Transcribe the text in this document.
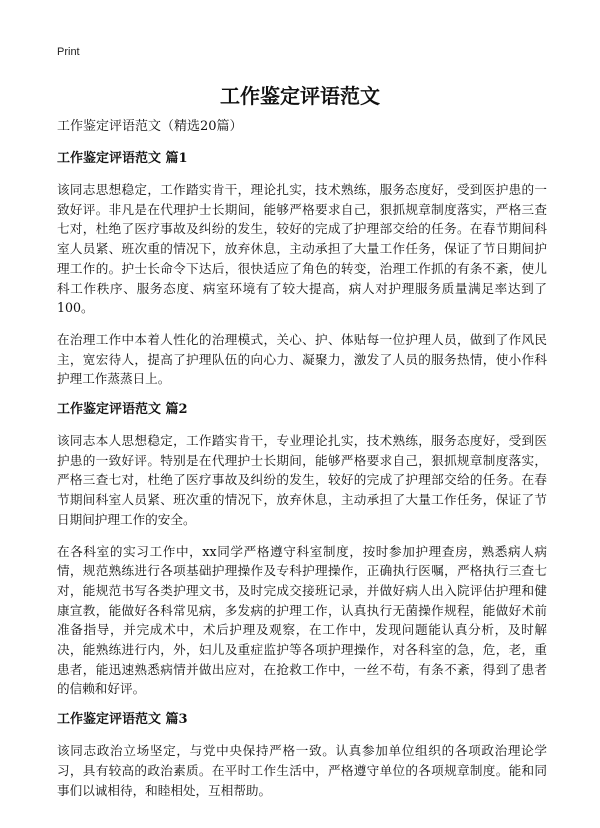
Print
工作鉴定评语范文
工作鉴定评语范文（精选20篇）
工作鉴定评语范文 篇1

该同志思想稳定，工作踏实肯干，理论扎实，技术熟练，服务态度好，受到医护患的一致好评。非凡是在代理护士长期间，能够严格要求自己，狠抓规章制度落实，严格三查七对，杜绝了医疗事故及纠纷的发生，较好的完成了护理部交给的任务。在春节期间科室人员紧、班次重的情况下，放弃休息，主动承担了大量工作任务，保证了节日期间护理工作的。护士长命令下达后，很快适应了角色的转变，治理工作抓的有条不紊，使儿科工作秩序、服务态度、病室环境有了较大提高，病人对护理服务质量满足率达到了100。

在治理工作中本着人性化的治理模式，关心、护、体贴每一位护理人员，做到了作风民主，宽宏待人，提高了护理队伍的向心力、凝聚力，激发了人员的服务热情，使小作科护理工作蒸蒸日上。

工作鉴定评语范文 篇2

该同志本人思想稳定，工作踏实肯干，专业理论扎实，技术熟练，服务态度好，受到医护患的一致好评。特别是在代理护士长期间，能够严格要求自己，狠抓规章制度落实，严格三查七对，杜绝了医疗事故及纠纷的发生，较好的完成了护理部交给的任务。在春节期间科室人员紧、班次重的情况下，放弃休息，主动承担了大量工作任务，保证了节日期间护理工作的安全。

在各科室的实习工作中，xx同学严格遵守科室制度，按时参加护理查房，熟悉病人病情，规范熟练进行各项基础护理操作及专科护理操作，正确执行医嘱，严格执行三查七对，能规范书写各类护理文书，及时完成交接班记录，并做好病人出入院评估护理和健康宣教，能做好各科常见病，多发病的护理工作，认真执行无菌操作规程，能做好术前准备指导，并完成术中，术后护理及观察，在工作中，发现问题能认真分析，及时解决，能熟练进行内，外，妇儿及重症监护等各项护理操作，对各科室的急，危，老，重患者，能迅速熟悉病情并做出应对，在抢救工作中，一丝不苟，有条不紊，得到了患者的信赖和好评。

工作鉴定评语范文 篇3

该同志政治立场坚定，与党中央保持严格一致。认真参加单位组织的各项政治理论学习，具有较高的政治素质。在平时工作生活中，严格遵守单位的各项规章制度。能和同事们以诚相待，和睦相处，互相帮助。
